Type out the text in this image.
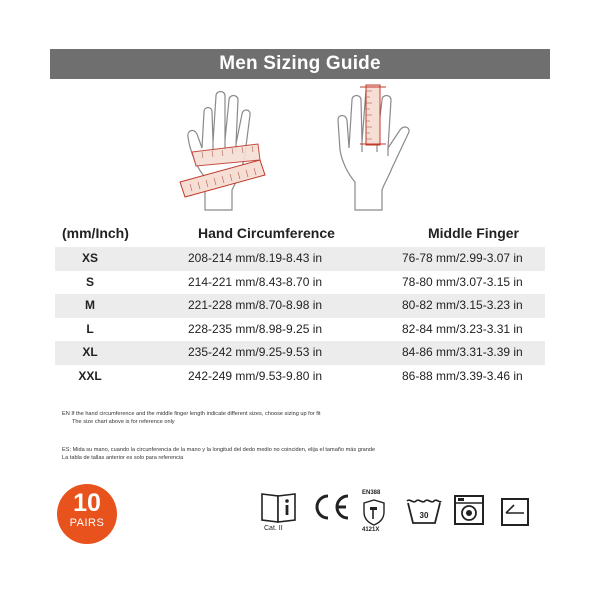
Men Sizing Guide
(mm/Inch)	Hand Circumference	Middle Finger
XS	208-214 mm/8.19-8.43 in	76-78 mm/2.99-3.07 in
S	214-221 mm/8.43-8.70 in	78-80 mm/3.07-3.15 in
M	221-228 mm/8.70-8.98 in	80-82 mm/3.15-3.23 in
L	228-235 mm/8.98-9.25 in	82-84 mm/3.23-3.31 in
XL	235-242 mm/9.25-9.53 in	84-86 mm/3.31-3.39 in
XXL	242-249 mm/9.53-9.80 in	86-88 mm/3.39-3.46 in
EN If the hand circumference and the middle finger length indicate different sizes, choose sizing up for fit
The size chart above is for reference only
ES: Mida su mano, cuando la circunferencia de la mano y la longitud del dedo medio no coinciden, elija el tamaño más grande
La tabla de tallas anterior es solo para referencia
10
PAIRS	Cat. II
EN388
4121X
30
